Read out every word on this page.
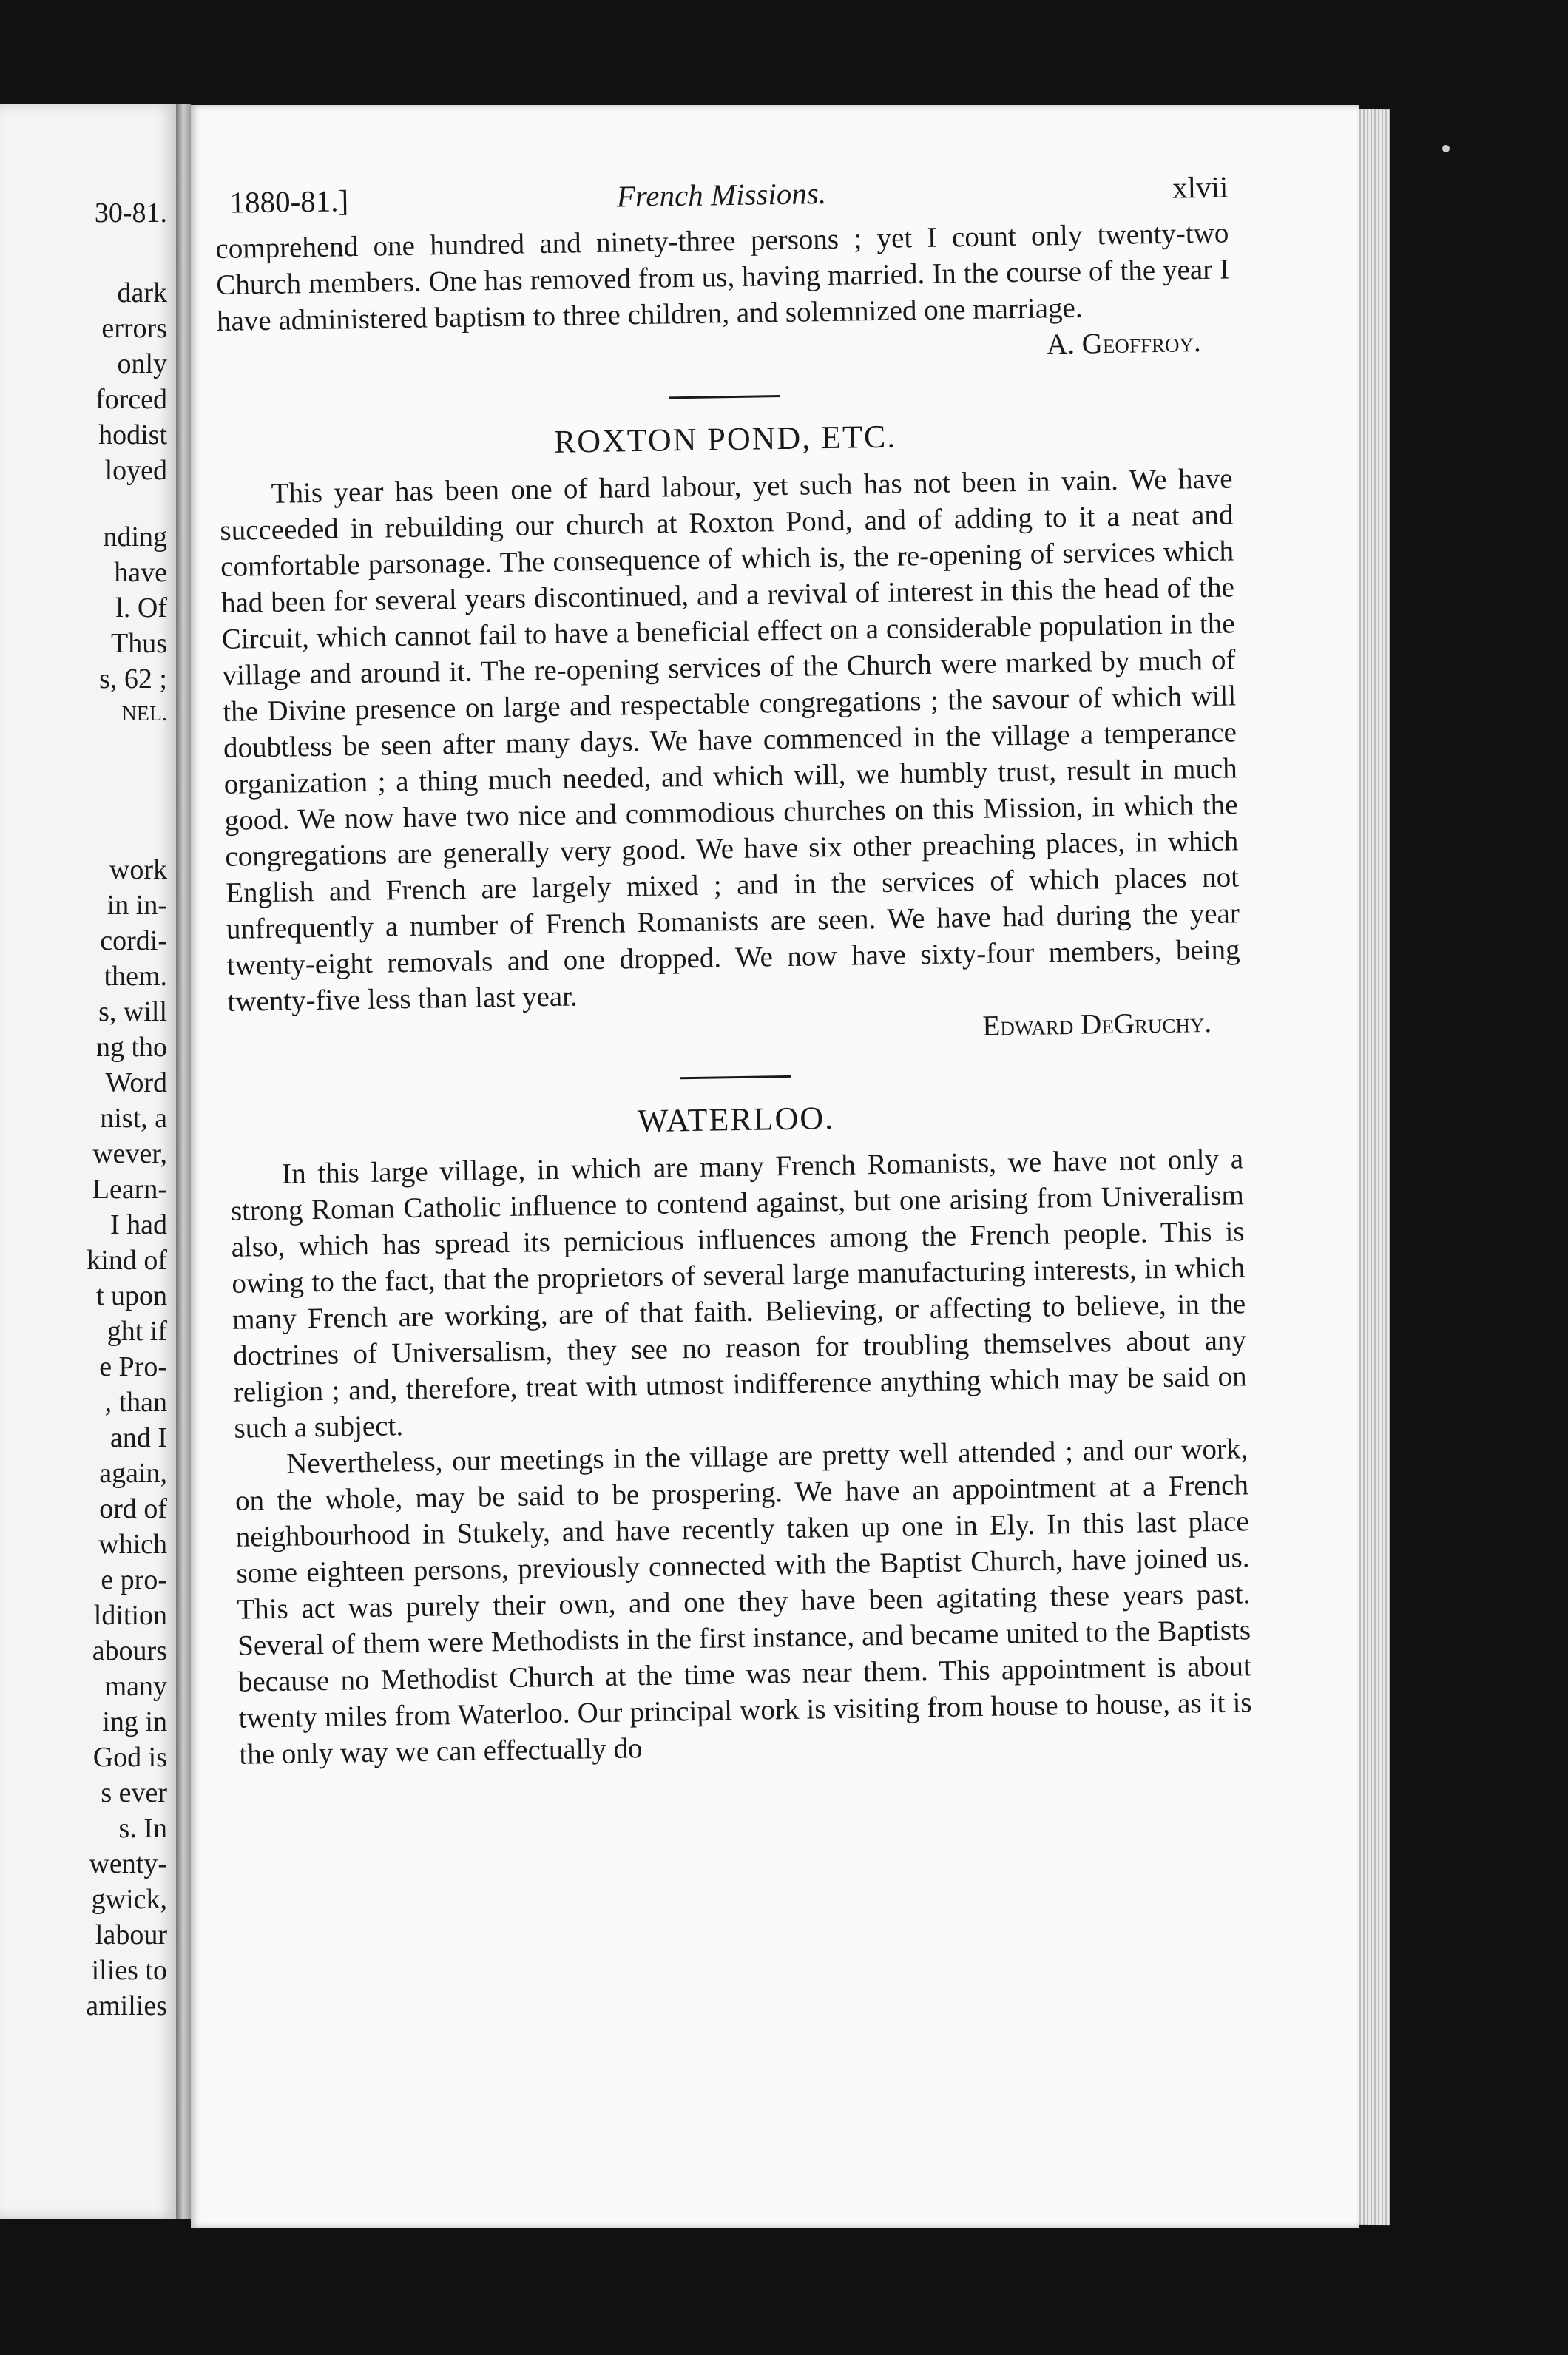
30-81.

dark

errors

only

forced

hodist

loyed

nding

have

l. Of

Thus

s, 62 ;

NEL.

work

in in-

cordi-

them.

s, will

ng tho

Word

nist, a

wever,

Learn-

I had

kind of

t upon

ght if

e Pro-

, than

and I

again,

ord of

which

e pro-

ldition

abours

many

ing in

God is

s ever

s. In

wenty-

gwick,

labour

ilies to

amilies

1880-81.]	French Missions.	xlvii

comprehend one hundred and ninety-three persons ; yet I count only twenty-two Church members. One has removed from us, having married. In the course of the year I have administered baptism to three children, and solemnized one marriage.
A. Geoffroy.

ROXTON POND, ETC.

This year has been one of hard labour, yet such has not been in vain. We have succeeded in rebuilding our church at Roxton Pond, and of adding to it a neat and comfortable parsonage. The consequence of which is, the re-opening of services which had been for several years discontinued, and a revival of interest in this the head of the Circuit, which cannot fail to have a beneficial effect on a considerable population in the village and around it. The re-opening services of the Church were marked by much of the Divine presence on large and respectable congregations ; the savour of which will doubtless be seen after many days. We have commenced in the village a temperance organization ; a thing much needed, and which will, we humbly trust, result in much good. We now have two nice and commodious churches on this Mission, in which the congregations are generally very good. We have six other preaching places, in which English and French are largely mixed ; and in the services of which places not unfrequently a number of French Romanists are seen. We have had during the year twenty-eight removals and one dropped. We now have sixty-four members, being twenty-five less than last year.

Edward DeGruchy.

WATERLOO.

In this large village, in which are many French Romanists, we have not only a strong Roman Catholic influence to contend against, but one arising from Univeralism also, which has spread its pernicious influences among the French people. This is owing to the fact, that the proprietors of several large manufacturing interests, in which many French are working, are of that faith. Believing, or affecting to believe, in the doctrines of Universalism, they see no reason for troubling themselves about any religion ; and, therefore, treat with utmost indifference anything which may be said on such a subject.

Nevertheless, our meetings in the village are pretty well attended ; and our work, on the whole, may be said to be prospering. We have an appointment at a French neighbourhood in Stukely, and have recently taken up one in Ely. In this last place some eighteen persons, previously connected with the Baptist Church, have joined us. This act was purely their own, and one they have been agitating these years past. Several of them were Methodists in the first instance, and became united to the Baptists because no Methodist Church at the time was near them. This appointment is about twenty miles from Waterloo. Our principal work is visiting from house to house, as it is the only way we can effectually do
